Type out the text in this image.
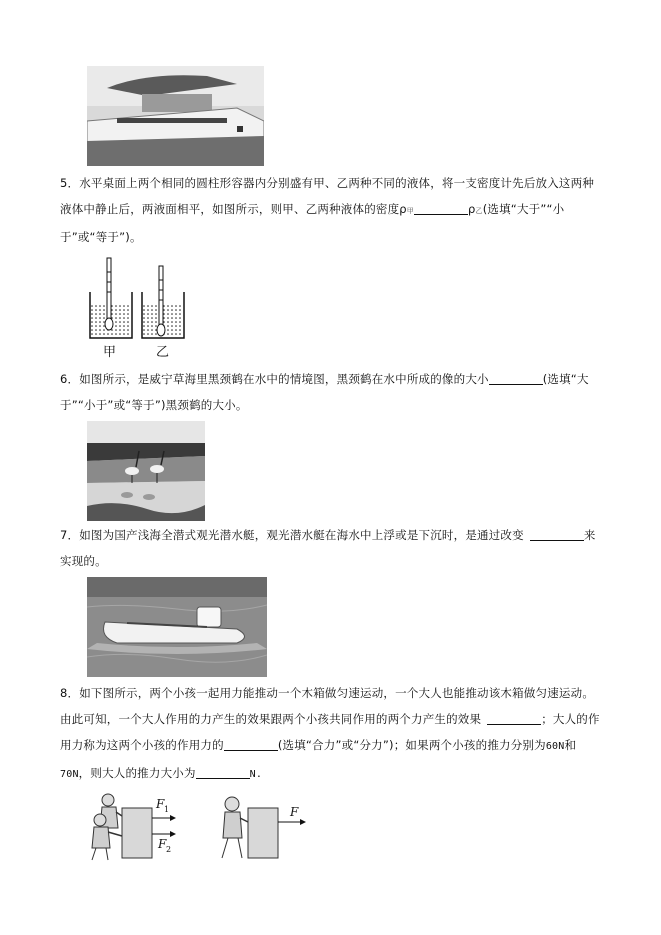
5．水平桌面上两个相同的圆柱形容器内分别盛有甲、乙两种不同的液体，将一支密度计先后放入这两种液体中静止后，两液面相平，如图所示，则甲、乙两种液体的密度ρ甲	ρ乙(选填“大于”“小于”或“等于”)。
甲	乙
6．如图所示，是威宁草海里黑颈鹤在水中的情境图，黑颈鹤在水中所成的像的大小	(选填“大于”“小于”或“等于”)黑颈鹤的大小。
7．如图为国产浅海全潜式观光潜水艇，观光潜水艇在海水中上浮或是下沉时，是通过改变	来实现的。
8．如下图所示，两个小孩一起用力能推动一个木箱做匀速运动，一个大人也能推动该木箱做匀速运动。由此可知，一个大人作用的力产生的效果跟两个小孩共同作用的两个力产生的效果	；大人的作用力称为这两个小孩的作用力的	(选填“合力”或“分力”)；如果两个小孩的推力分别为60N和70N，则大人的推力大小为	N.
F 1
F 2
F
